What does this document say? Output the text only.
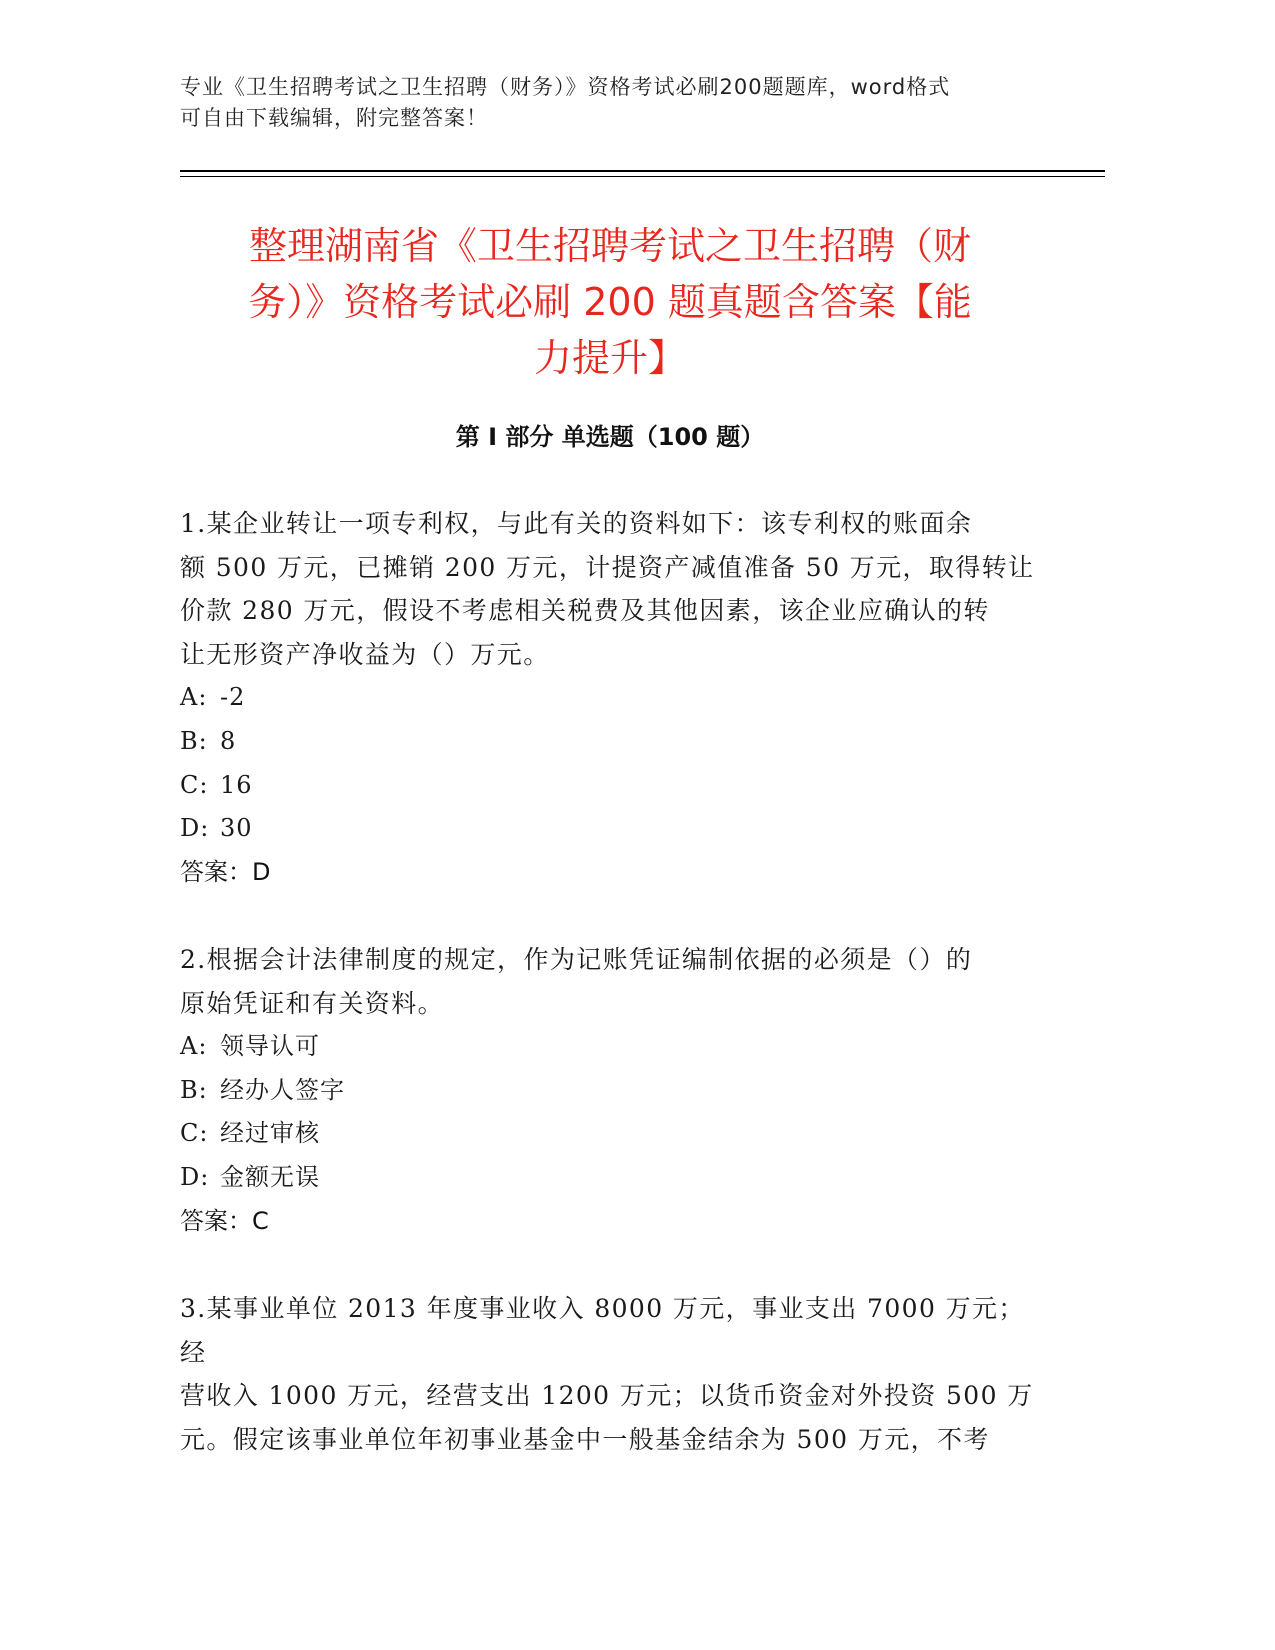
专业《卫生招聘考试之卫生招聘（财务）》资格考试必刷200题题库，word格式
可自由下载编辑，附完整答案！
整理湖南省《卫生招聘考试之卫生招聘（财
务）》资格考试必刷 200 题真题含答案【能
力提升】
第 I 部分 单选题（100 题）

1.某企业转让一项专利权，与此有关的资料如下：该专利权的账面余
额 500 万元，已摊销 200 万元，计提资产减值准备 50 万元，取得转让
价款 280 万元，假设不考虑相关税费及其他因素，该企业应确认的转
让无形资产净收益为（）万元。

A: -2

B: 8

C: 16

D: 30

答案：D

2.根据会计法律制度的规定，作为记账凭证编制依据的必须是（）的
原始凭证和有关资料。

A: 领导认可

B: 经办人签字

C: 经过审核

D: 金额无误

答案：C

3.某事业单位 2013 年度事业收入 8000 万元，事业支出 7000 万元；经
营收入 1000 万元，经营支出 1200 万元；以货币资金对外投资 500 万
元。假定该事业单位年初事业基金中一般基金结余为 500 万元，不考
